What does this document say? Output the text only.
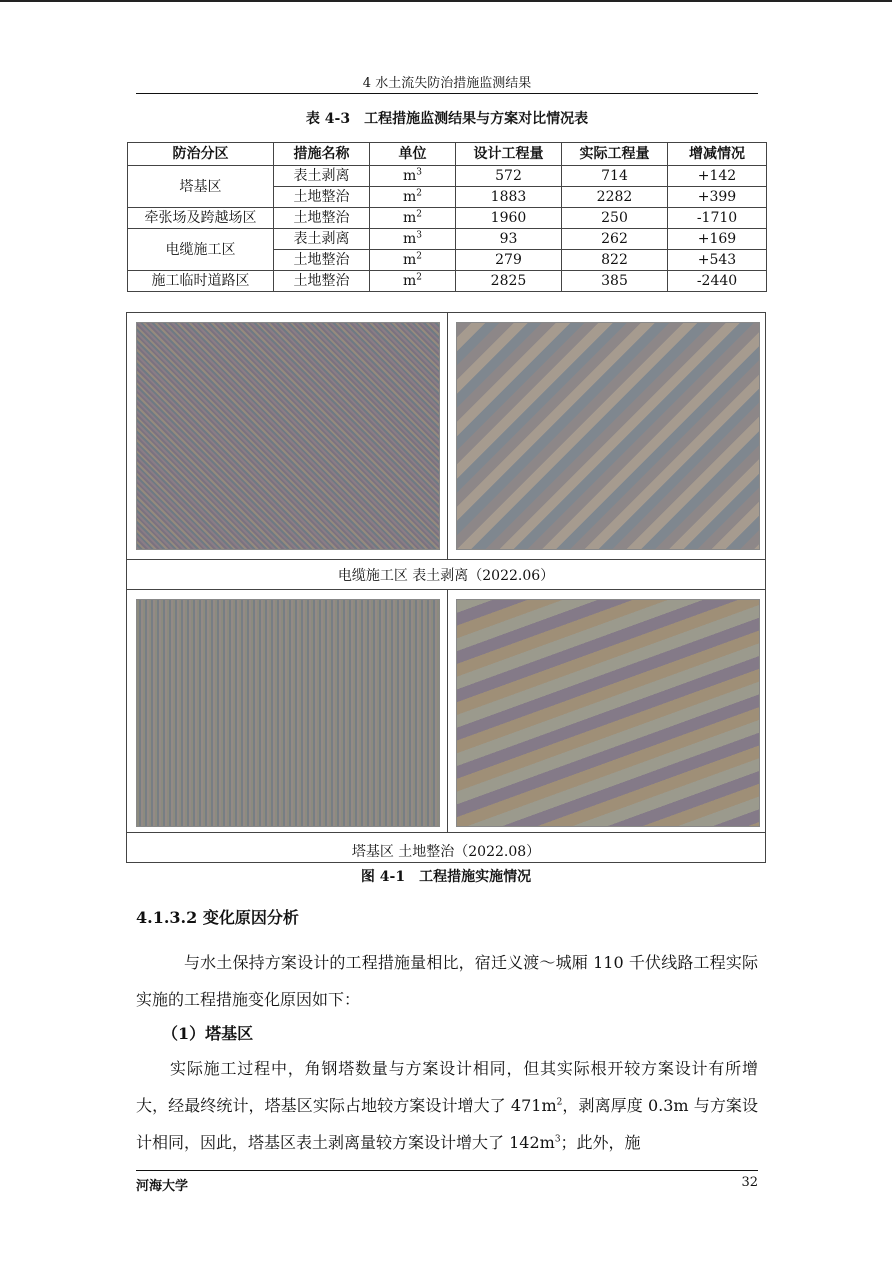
4 水土流失防治措施监测结果
表 4-3　工程措施监测结果与方案对比情况表
防治分区	措施名称	单位	设计工程量	实际工程量	增减情况
塔基区	表土剥离	$m^3$	572	714	+142
	土地整治	$m^2$	1883	2282	+399
牵张场及跨越场区	土地整治	$m^2$	1960	250	-1710
电缆施工区	表土剥离	$m^3$	93	262	+169
	土地整治	$m^2$	279	822	+543
施工临时道路区	土地整治	$m^2$	2825	385	-2440
电缆施工区 表土剥离（2022.06）
塔基区 土地整治（2022.08）
图 4-1　工程措施实施情况
4.1.3.2 变化原因分析
与水土保持方案设计的工程措施量相比，宿迁义渡～城厢 110 千伏线路工程实际实施的工程措施变化原因如下：
（1）塔基区
实际施工过程中，角钢塔数量与方案设计相同，但其实际根开较方案设计有所增大，经最终统计，塔基区实际占地较方案设计增大了 $471m^2$，剥离厚度 0.3m 与方案设计相同，因此，塔基区表土剥离量较方案设计增大了 $142m^3$；此外，施
河海大学	32
